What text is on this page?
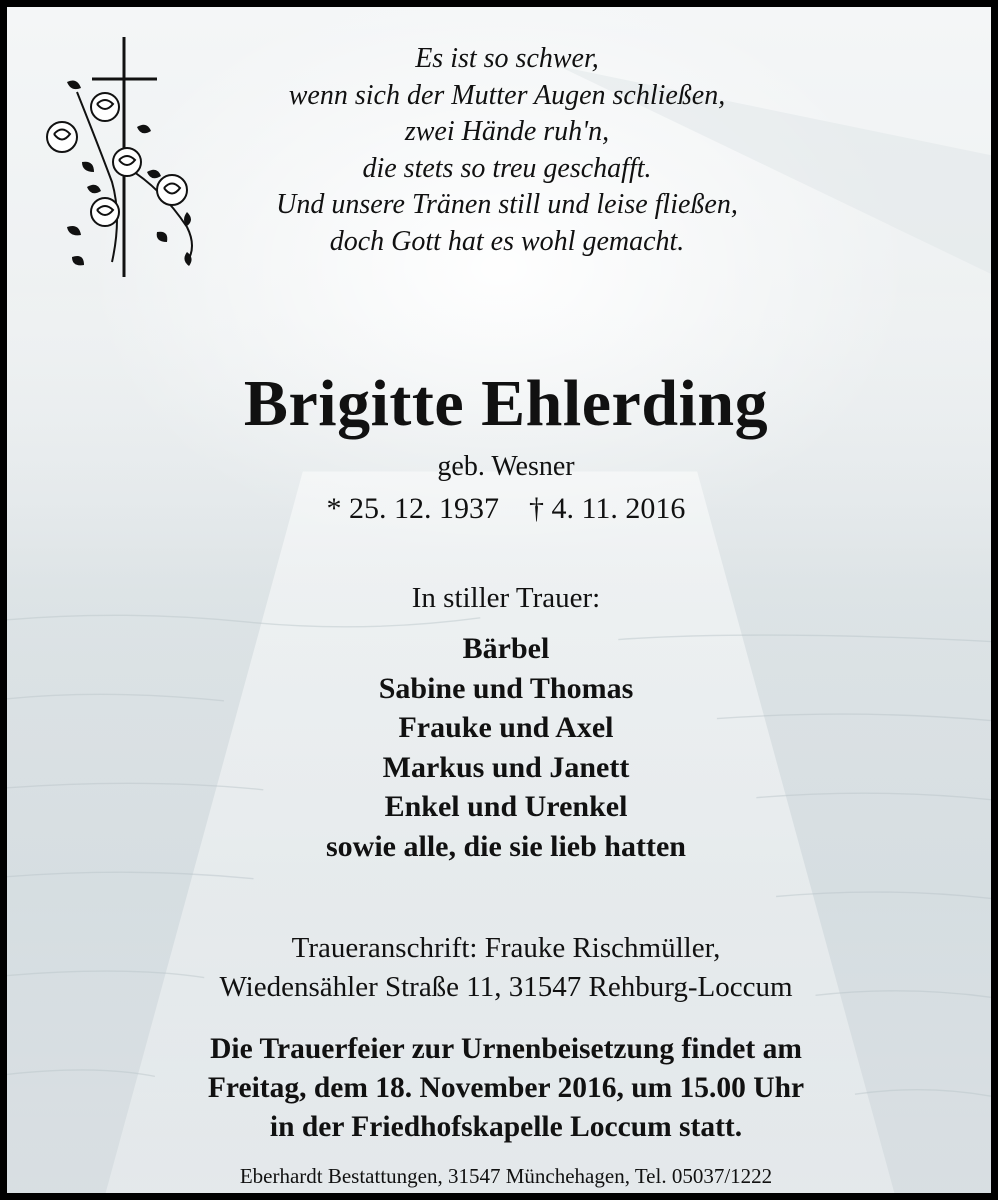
Es ist so schwer,
wenn sich der Mutter Augen schließen,
zwei Hände ruh'n,
die stets so treu geschafft.
Und unsere Tränen still und leise fließen,
doch Gott hat es wohl gemacht.
Brigitte Ehlerding
geb. Wesner
* 25. 12. 1937    † 4. 11. 2016
In stiller Trauer:
Bärbel
Sabine und Thomas
Frauke und Axel
Markus und Janett
Enkel und Urenkel
sowie alle, die sie lieb hatten
Traueranschrift: Frauke Rischmüller,
Wiedensähler Straße 11, 31547 Rehburg-Loccum
Die Trauerfeier zur Urnenbeisetzung findet am
Freitag, dem 18. November 2016, um 15.00 Uhr
in der Friedhofskapelle Loccum statt.
Eberhardt Bestattungen, 31547 Münchehagen, Tel. 05037/1222
